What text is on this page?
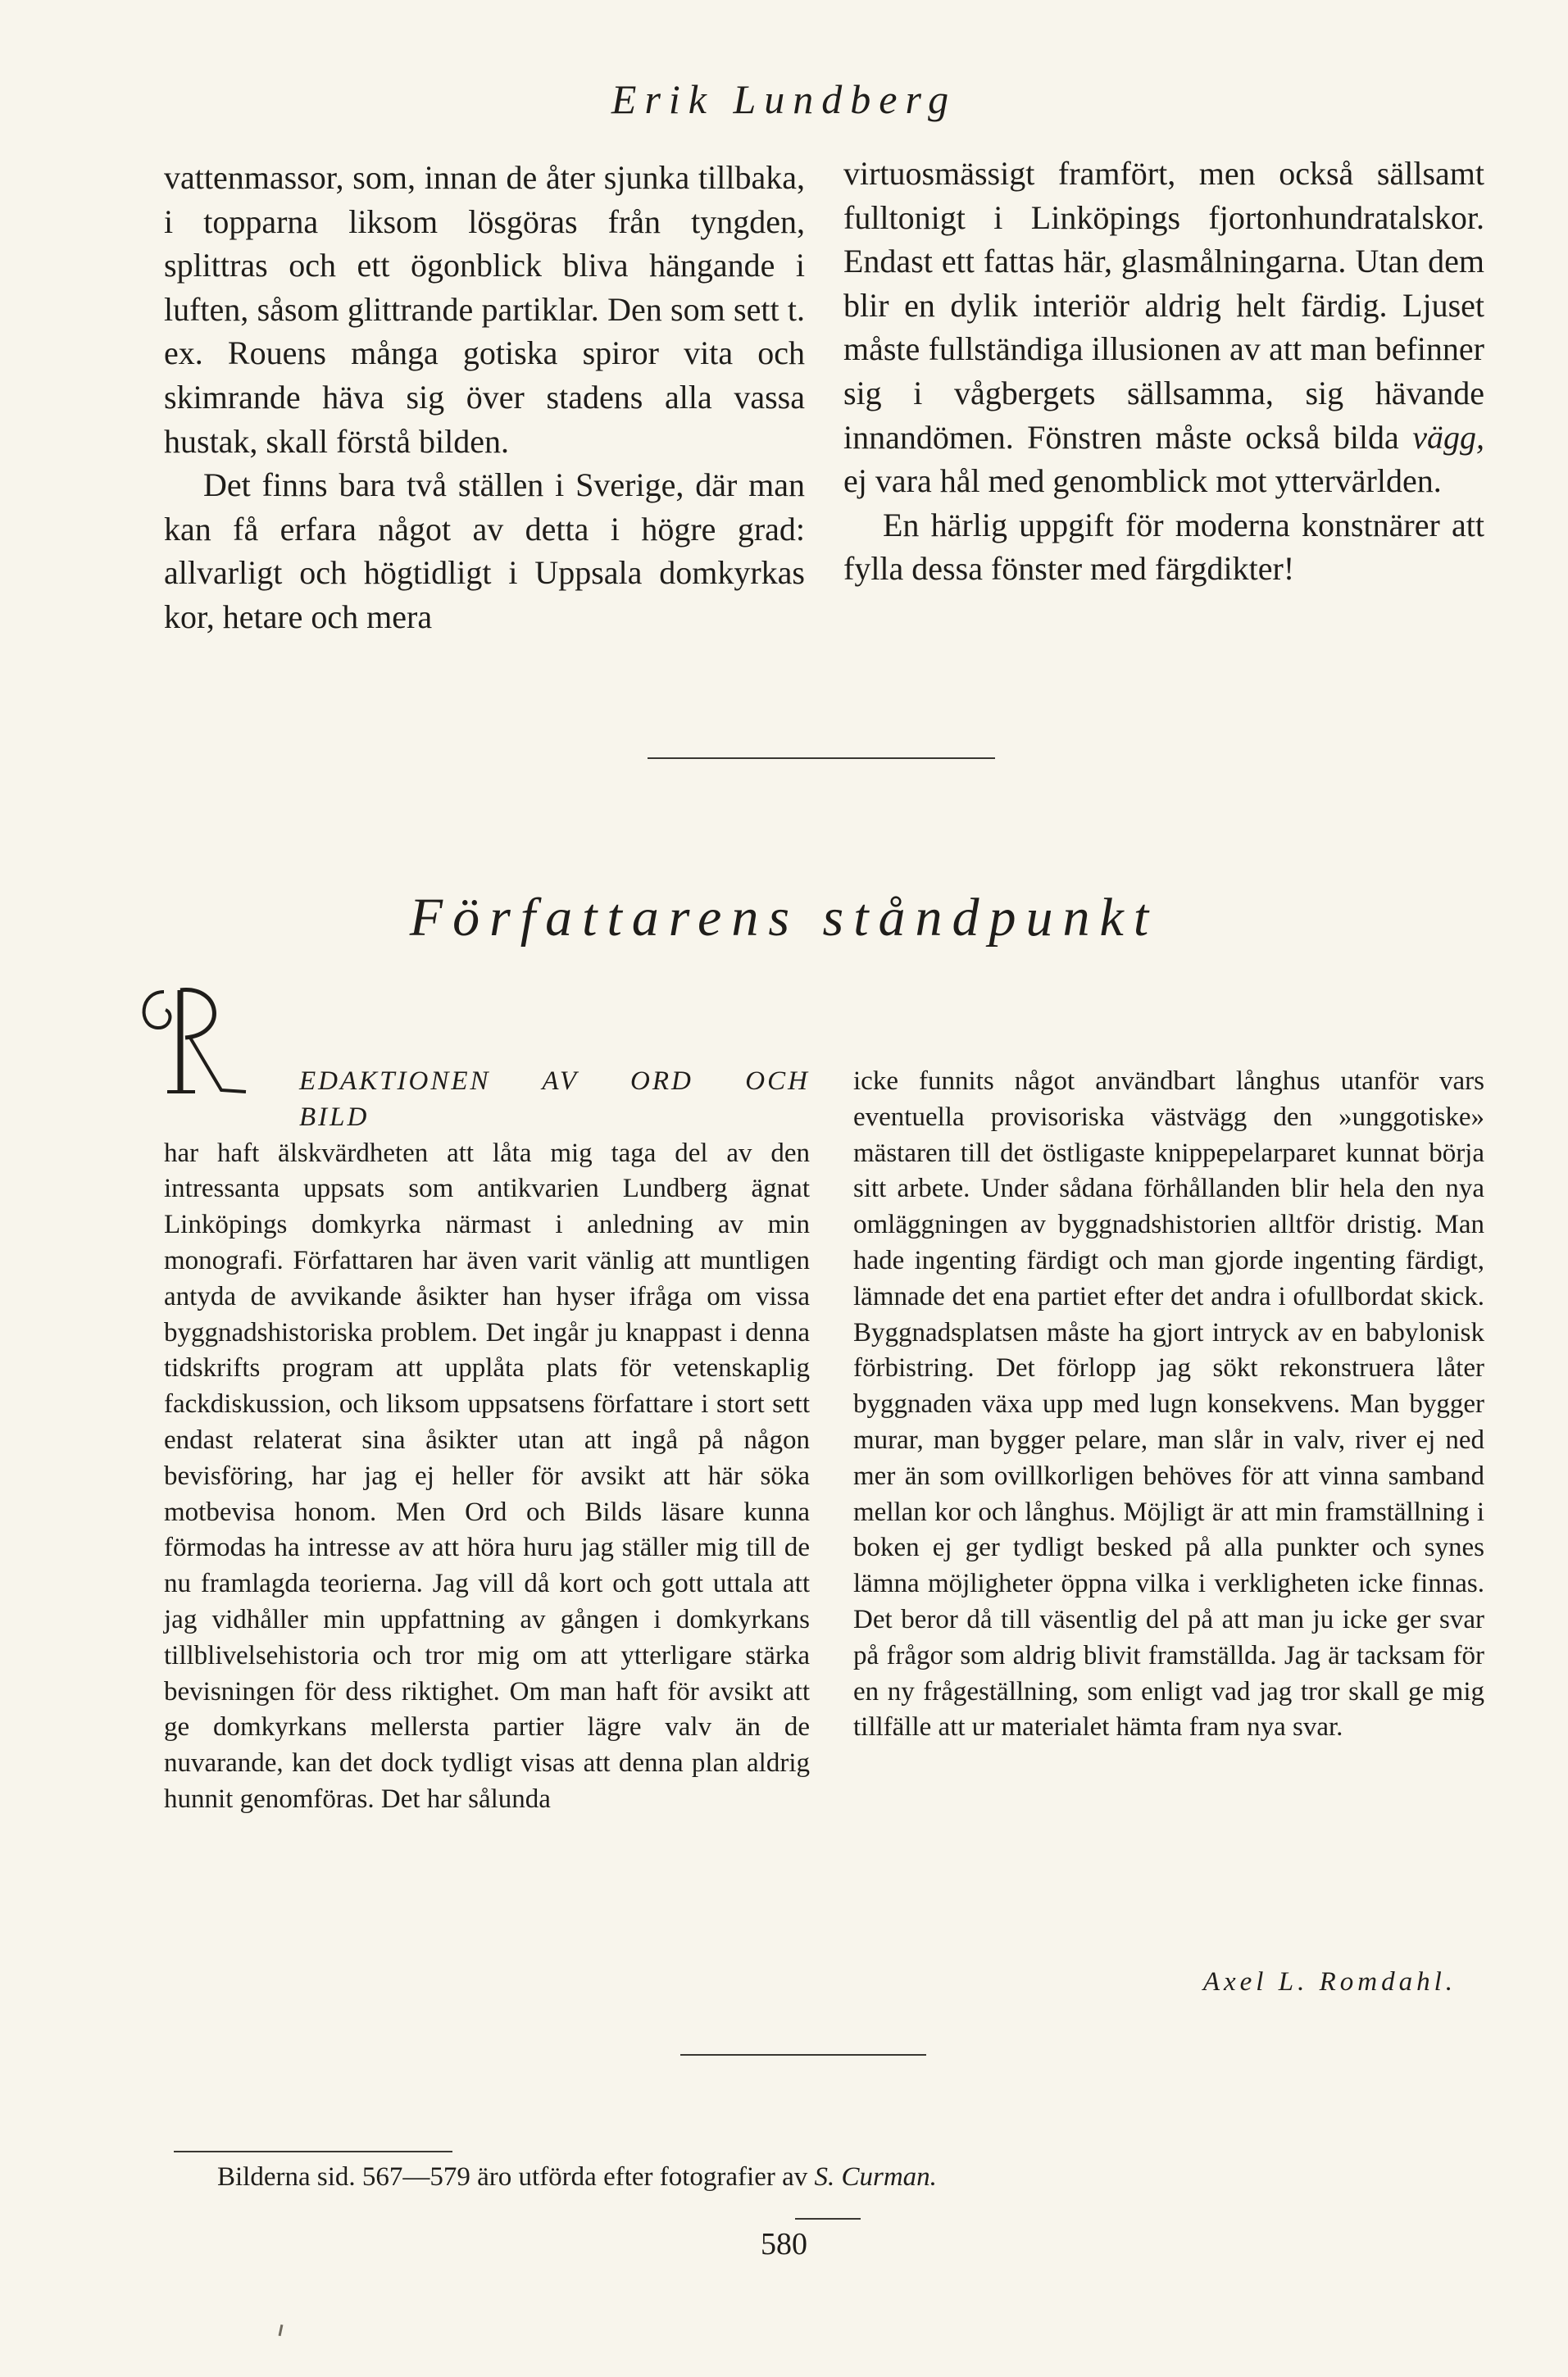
Erik Lundberg

vattenmassor, som, innan de åter sjunka tillbaka, i topparna liksom lösgöras från tyngden, splittras och ett ögonblick bliva hängande i luften, såsom glittrande partiklar. Den som sett t. ex. Rouens många gotiska spiror vita och skimrande häva sig över stadens alla vassa hustak, skall förstå bilden.

Det finns bara två ställen i Sverige, där man kan få erfara något av detta i högre grad: allvarligt och högtidligt i Uppsala domkyrkas kor, hetare och mera

virtuosmässigt framfört, men också sällsamt fulltonigt i Linköpings fjortonhundratalskor. Endast ett fattas här, glasmålningarna. Utan dem blir en dylik interiör aldrig helt färdig. Ljuset måste fullständiga illusionen av att man befinner sig i vågbergets sällsamma, sig hävande innandömen. Fönstren måste också bilda vägg, ej vara hål med genomblick mot yttervärlden.

En härlig uppgift för moderna konstnärer att fylla dessa fönster med färgdikter!

Författarens ståndpunkt

EDAKTIONEN AV ORD OCH BILD
har haft älskvärdheten att låta mig taga del av den intressanta uppsats som antikvarien Lundberg ägnat Linköpings domkyrka närmast i anledning av min monografi. Författaren har även varit vänlig att muntligen antyda de avvikande åsikter han hyser ifråga om vissa byggnadshistoriska problem. Det ingår ju knappast i denna tidskrifts program att upplåta plats för vetenskaplig fackdiskussion, och liksom uppsatsens författare i stort sett endast relaterat sina åsikter utan att ingå på någon bevisföring, har jag ej heller för avsikt att här söka motbevisa honom. Men Ord och Bilds läsare kunna förmodas ha intresse av att höra huru jag ställer mig till de nu framlagda teorierna. Jag vill då kort och gott uttala att jag vidhåller min uppfattning av gången i domkyrkans tillblivelsehistoria och tror mig om att ytterligare stärka bevisningen för dess riktighet. Om man haft för avsikt att ge domkyrkans mellersta partier lägre valv än de nuvarande, kan det dock tydligt visas att denna plan aldrig hunnit genomföras. Det har sålunda

icke funnits något användbart långhus utanför vars eventuella provisoriska västvägg den »unggotiske» mästaren till det östligaste knippepelarparet kunnat börja sitt arbete. Under sådana förhållanden blir hela den nya omläggningen av byggnadshistorien alltför dristig. Man hade ingenting färdigt och man gjorde ingenting färdigt, lämnade det ena partiet efter det andra i ofullbordat skick. Byggnadsplatsen måste ha gjort intryck av en babylonisk förbistring. Det förlopp jag sökt rekonstruera låter byggnaden växa upp med lugn konsekvens. Man bygger murar, man bygger pelare, man slår in valv, river ej ned mer än som ovillkorligen behöves för att vinna samband mellan kor och långhus. Möjligt är att min framställning i boken ej ger tydligt besked på alla punkter och synes lämna möjligheter öppna vilka i verkligheten icke finnas. Det beror då till väsentlig del på att man ju icke ger svar på frågor som aldrig blivit framställda. Jag är tacksam för en ny frågeställning, som enligt vad jag tror skall ge mig tillfälle att ur materialet hämta fram nya svar.

Axel L. Romdahl.
Bilderna sid. 567—579 äro utförda efter fotografier av S. Curman.
580
